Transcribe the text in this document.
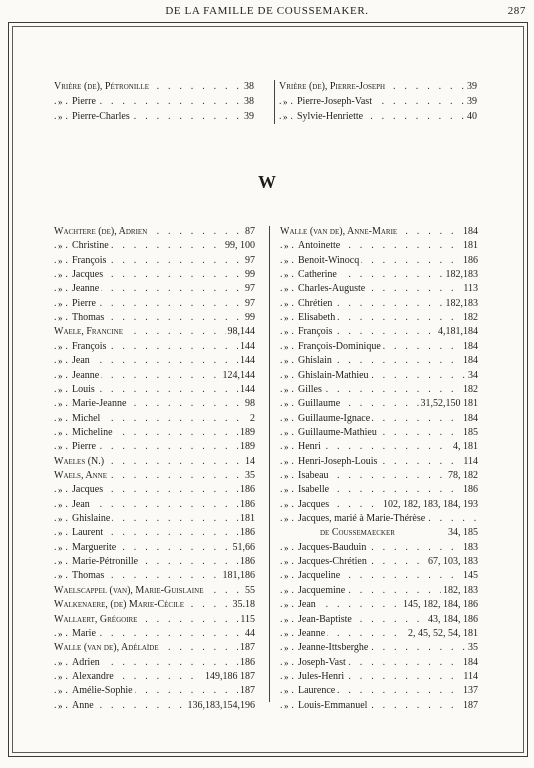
DE LA FAMILLE DE COUSSEMAKER.	287
. . .
Vrière (de), Pétronille	38
» . . . Pierre	38
» . . . Pierre-Charles	39
. . .
Vrière (de), Pierre-Joseph	39
» . . . Pierre-Joseph-Vast	39
» . . . Sylvie-Henriette	40
W
. . .
Wachtere (de), Adrien	87
» . . . Christine	99, 100
» . . . François	97
» . . . Jacques	99
» . . . Jeanne	97
» . . . Pierre	97
» . . . Thomas	99
. . .
Waele, Francine	98,144
» . . . François	144
» . . . Jean	144
» . . . Jeanne	124,144
» . . . Louis	144
» . . . Marie-Jeanne	98
» . . . Michel	2
» . . . Micheline	189
» . . . Pierre	189
. . .
Waeles (N.)	14
. . .
Waels, Anne	35
» . . . Jacques	186
» . . . Jean	186
» . . . Ghislaine	181
» . . . Laurent	186
» . . . Marguerite	51,66
» . . . Marie-Pétronille	186
» . . . Thomas	181,186
. . .
Waelscappel (van), Marie-Guislaine	55
. . .
Walkenaere, (de) Marie-Cécile	35.18
. . .
Wallaert, Grégoire	115
» . . . Marie	44
. . .
Walle (van de), Adélaïde	187
» . . . Adrien	186
» . . . Alexandre	149,186 187
» . . . Amélie-Sophie	187
» . . . Anne	136,183,154,196
. . .
Walle (van de), Anne-Marie	184
» . . . Antoinette	181
» . . . Benoit-Winocq	186
» . . . Catherine	182,183
» . . . Charles-Auguste	113
» . . . Chrétien	182,183
» . . . Elisabeth	182
» . . . François	4,181,184
» . . . François-Dominique	184
» . . . Ghislain	184
» . . . Ghislain-Mathieu	34
» . . . Gilles	182
» . . . Guillaume	31,52,150 181
» . . . Guillaume-Ignace	184
» . . . Guillaume-Mathieu	185
» . . . Henri	4, 181
» . . . Henri-Joseph-Louis	114
» . . . Isabeau	78, 182
» . . . Isabelle	186
» . . . Jacques	102, 182, 183, 184, 193
» . . . Jacques, marié à Marie-Thérèse
de Coussemaecker	34, 185
» . . . Jacques-Bauduin	183
» . . . Jacques-Chrétien	67, 103, 183
» . . . Jacqueline	145
» . . . Jacquemine	182, 183
» . . . Jean	145, 182, 184, 186
» . . . Jean-Baptiste	43, 184, 186
» . . . Jeanne	2, 45, 52, 54, 181
» . . . Jeanne-Ittsberghe	35
» . . . Joseph-Vast	184
» . . . Jules-Henri	114
» . . . Laurence	137
» . . . Louis-Emmanuel	187
